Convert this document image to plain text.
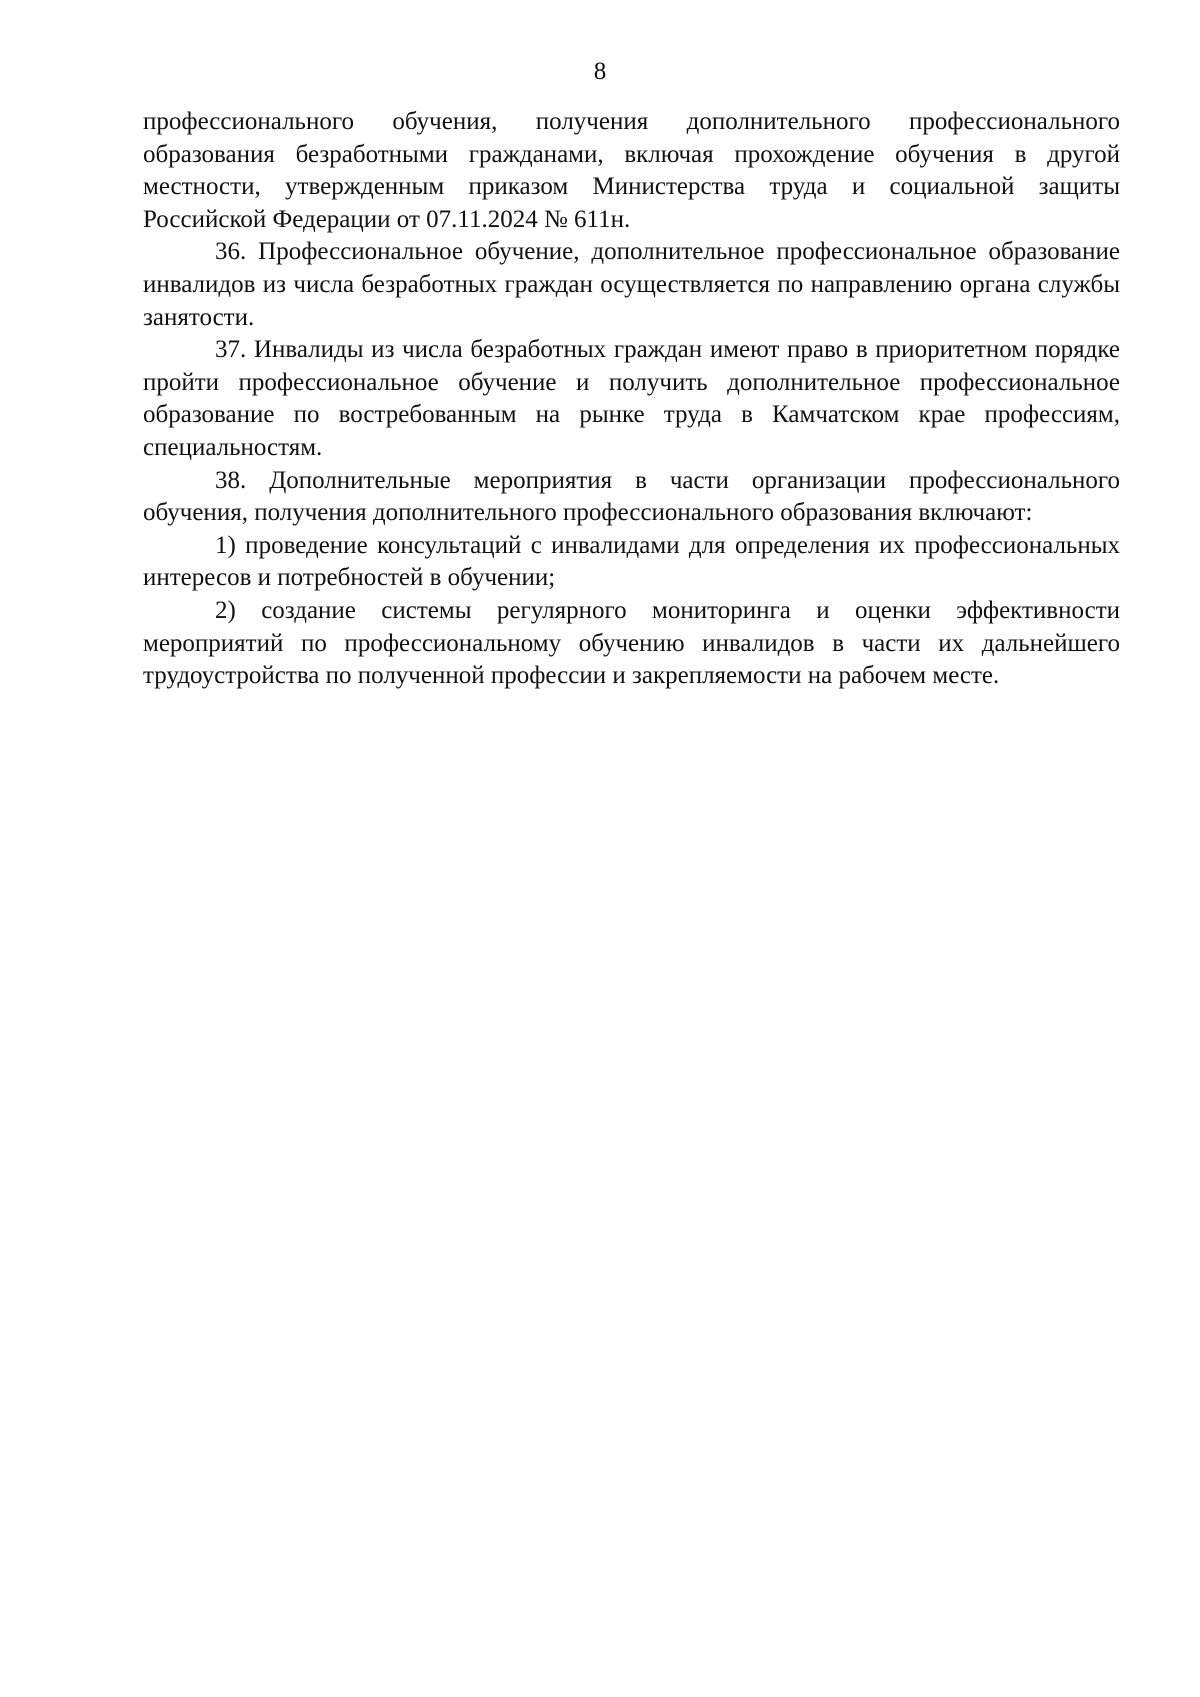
8

профессионального обучения, получения дополнительного профессионального образования безработными гражданами, включая прохождение обучения в другой местности, утвержденным приказом Министерства труда и социальной защиты Российской Федерации от 07.11.2024 № 611н.

36. Профессиональное обучение, дополнительное профессиональное образование инвалидов из числа безработных граждан осуществляется по направлению органа службы занятости.

37. Инвалиды из числа безработных граждан имеют право в приоритетном порядке пройти профессиональное обучение и получить дополнительное профессиональное образование по востребованным на рынке труда в Камчатском крае профессиям, специальностям.

38. Дополнительные мероприятия в части организации профессионального обучения, получения дополнительного профессионального образования включают:

1) проведение консультаций с инвалидами для определения их профессиональных интересов и потребностей в обучении;

2) создание системы регулярного мониторинга и оценки эффективности мероприятий по профессиональному обучению инвалидов в части их дальнейшего трудоустройства по полученной профессии и закрепляемости на рабочем месте.
